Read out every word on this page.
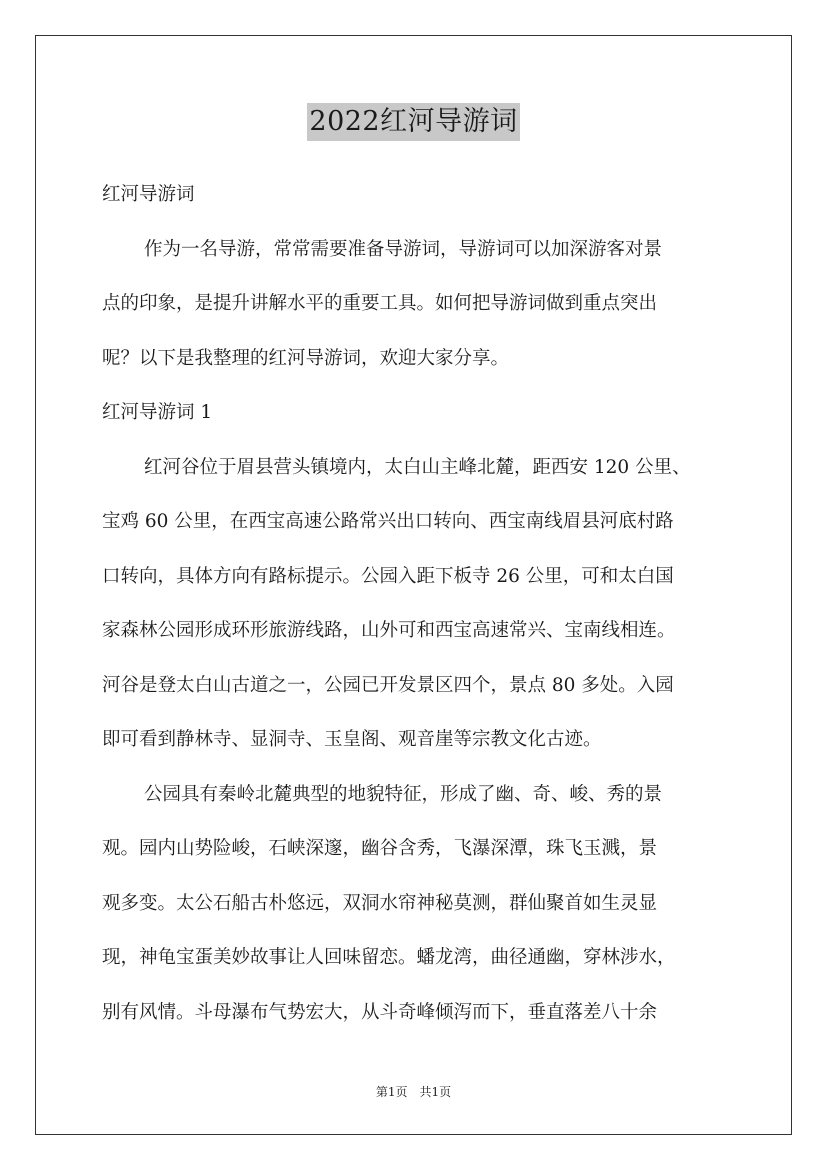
2022红河导游词
红河导游词
作为一名导游，常常需要准备导游词，导游词可以加深游客对景
点的印象，是提升讲解水平的重要工具。如何把导游词做到重点突出
呢？以下是我整理的红河导游词，欢迎大家分享。
红河导游词 1
红河谷位于眉县营头镇境内，太白山主峰北麓，距西安 120 公里、
宝鸡 60 公里，在西宝高速公路常兴出口转向、西宝南线眉县河底村路
口转向，具体方向有路标提示。公园入距下板寺 26 公里，可和太白国
家森林公园形成环形旅游线路，山外可和西宝高速常兴、宝南线相连。
河谷是登太白山古道之一，公园已开发景区四个，景点 80 多处。入园
即可看到静林寺、显洞寺、玉皇阁、观音崖等宗教文化古迹。
公园具有秦岭北麓典型的地貌特征，形成了幽、奇、峻、秀的景
观。园内山势险峻，石峡深邃，幽谷含秀，飞瀑深潭，珠飞玉溅，景
观多变。太公石船古朴悠远，双洞水帘神秘莫测，群仙聚首如生灵显
现，神龟宝蛋美妙故事让人回味留恋。蟠龙湾，曲径通幽，穿林涉水，
别有风情。斗母瀑布气势宏大，从斗奇峰倾泻而下，垂直落差八十余
第1页　共1页
